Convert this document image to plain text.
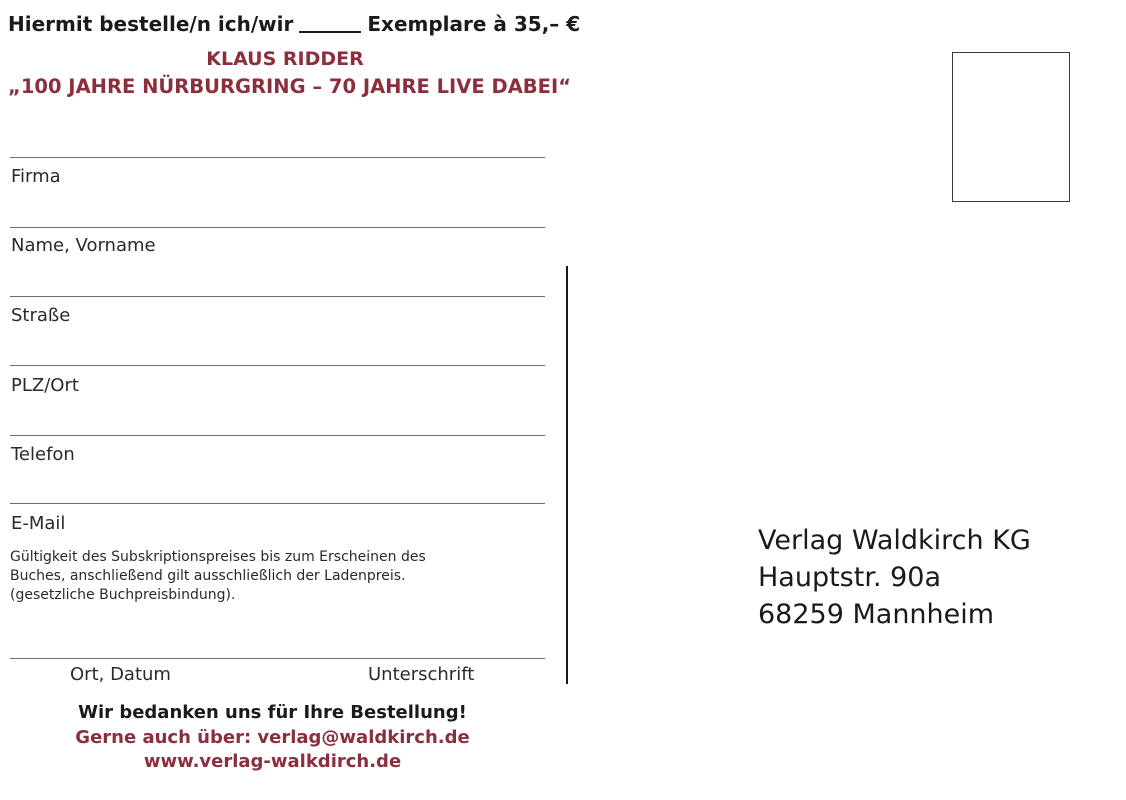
Hiermit bestelle/n ich/wir	Exemplare à 35,– €
KLAUS RIDDER
„100 JAHRE NÜRBURGRING – 70 JAHRE LIVE DABEI“
Firma
Name, Vorname
Straße
PLZ/Ort
Telefon
E-Mail
Gültigkeit des Subskriptionspreises bis zum Erscheinen des
Buches, anschließend gilt ausschließlich der Ladenpreis.
(gesetzliche Buchpreisbindung).
Ort, Datum	Unterschrift
Wir bedanken uns für Ihre Bestellung!
Gerne auch über: verlag@waldkirch.de
www.verlag-walkdirch.de
Verlag Waldkirch KG
Hauptstr. 90a
68259 Mannheim
